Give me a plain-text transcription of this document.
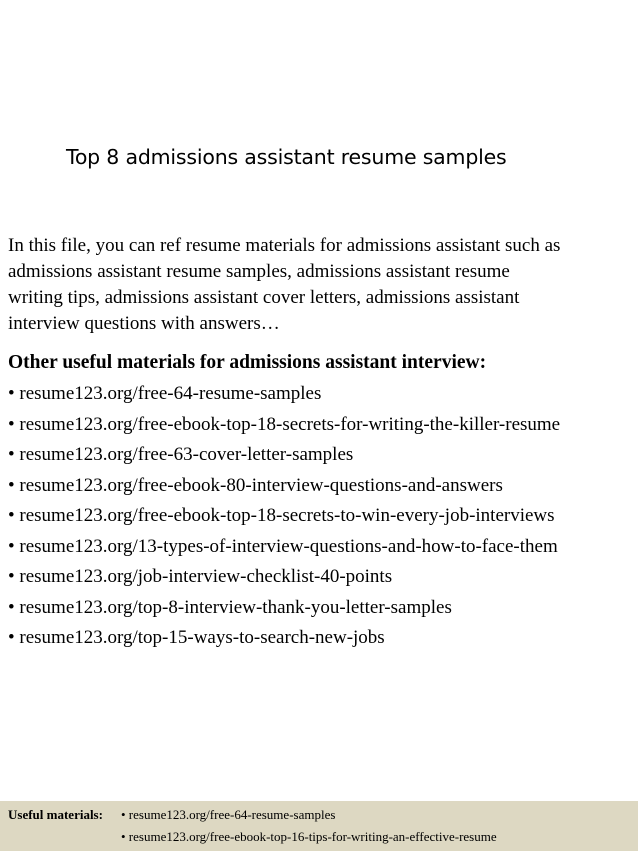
Top 8 admissions assistant resume samples
In this file, you can ref resume materials for admissions assistant such as
admissions assistant resume samples, admissions assistant resume
writing tips, admissions assistant cover letters, admissions assistant
interview questions with answers…
Other useful materials for admissions assistant interview:
• resume123.org/free-64-resume-samples
• resume123.org/free-ebook-top-18-secrets-for-writing-the-killer-resume
• resume123.org/free-63-cover-letter-samples
• resume123.org/free-ebook-80-interview-questions-and-answers
• resume123.org/free-ebook-top-18-secrets-to-win-every-job-interviews
• resume123.org/13-types-of-interview-questions-and-how-to-face-them
• resume123.org/job-interview-checklist-40-points
• resume123.org/top-8-interview-thank-you-letter-samples
• resume123.org/top-15-ways-to-search-new-jobs
Useful materials: • resume123.org/free-64-resume-samples
• resume123.org/free-ebook-top-16-tips-for-writing-an-effective-resume
